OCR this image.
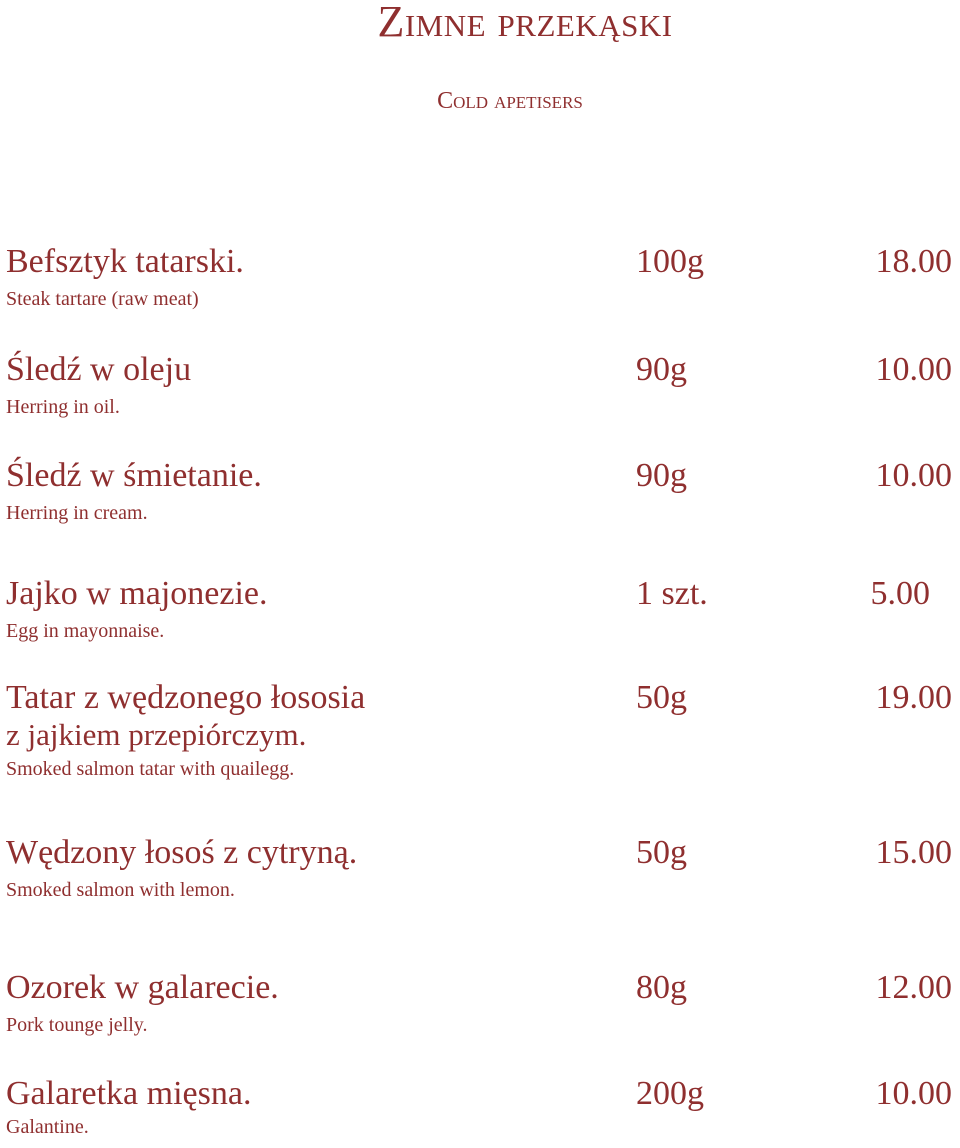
Zimne przekąski
Cold apetisers
Befsztyk tatarski.
Steak tartare (raw meat)
100g	18.00
Śledź w oleju
Herring in oil.
90g	10.00
Śledź w śmietanie.
Herring in cream.
90g	10.00
Jajko w majonezie.
Egg in mayonnaise.
1 szt.	5.00
Tatar z wędzonego łososia
z jajkiem przepiórczym.
Smoked salmon tatar with quailegg.
50g	19.00
Wędzony łosoś z cytryną.
Smoked salmon with lemon.
50g	15.00
Ozorek w galarecie.
Pork tounge jelly.
80g	12.00
Galaretka mięsna.
Galantine.
200g	10.00
